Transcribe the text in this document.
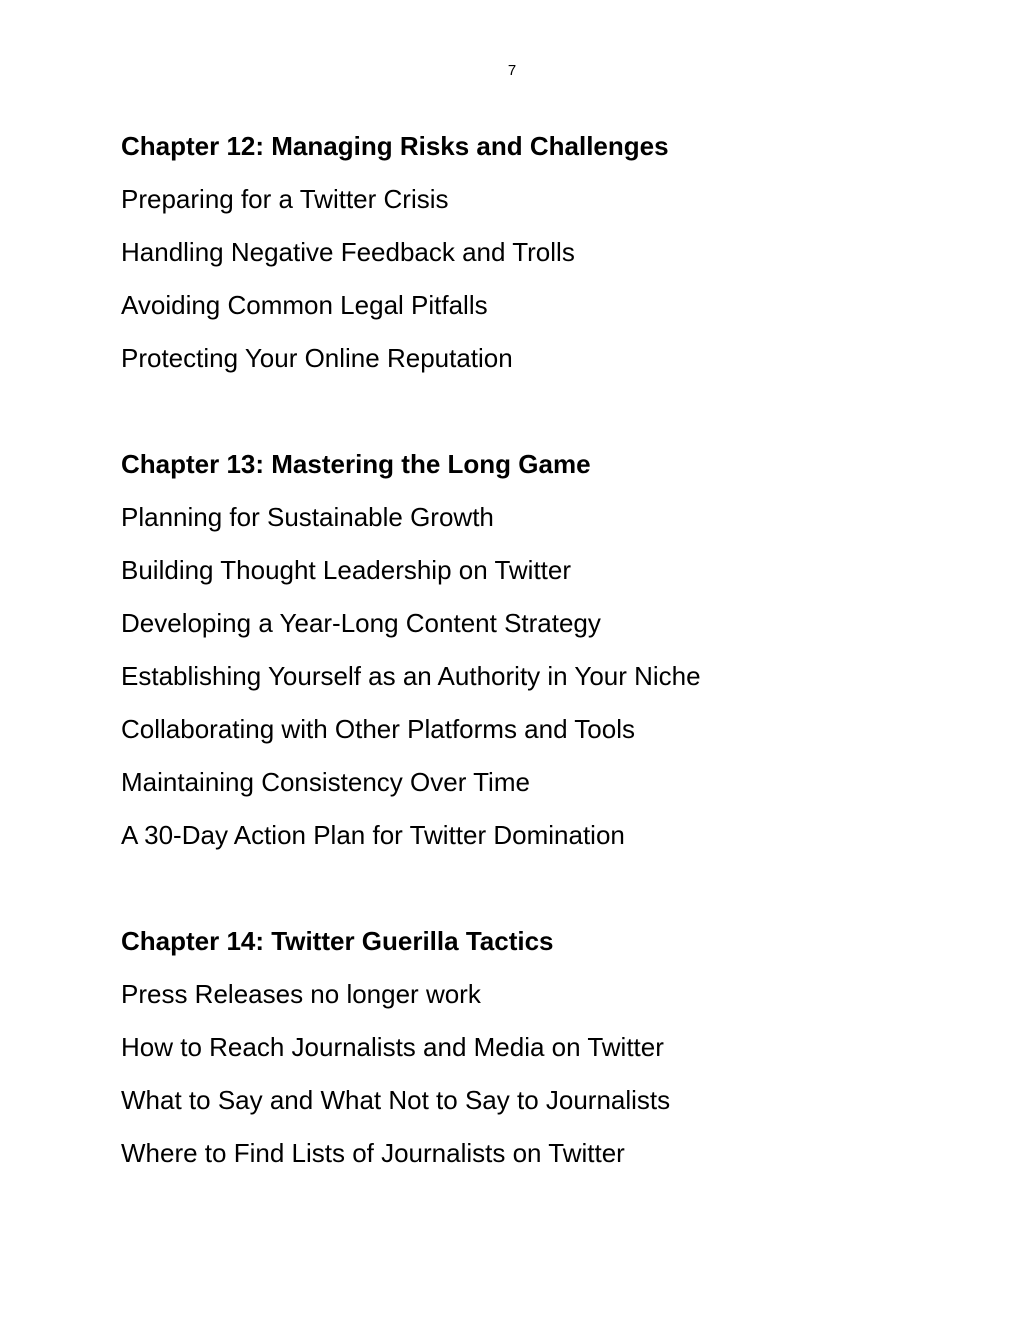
7
Chapter 12: Managing Risks and Challenges
Preparing for a Twitter Crisis
Handling Negative Feedback and Trolls
Avoiding Common Legal Pitfalls
Protecting Your Online Reputation
Chapter 13: Mastering the Long Game
Planning for Sustainable Growth
Building Thought Leadership on Twitter
Developing a Year-Long Content Strategy
Establishing Yourself as an Authority in Your Niche
Collaborating with Other Platforms and Tools
Maintaining Consistency Over Time
A 30-Day Action Plan for Twitter Domination
Chapter 14: Twitter Guerilla Tactics
Press Releases no longer work
How to Reach Journalists and Media on Twitter
What to Say and What Not to Say to Journalists
Where to Find Lists of Journalists on Twitter
